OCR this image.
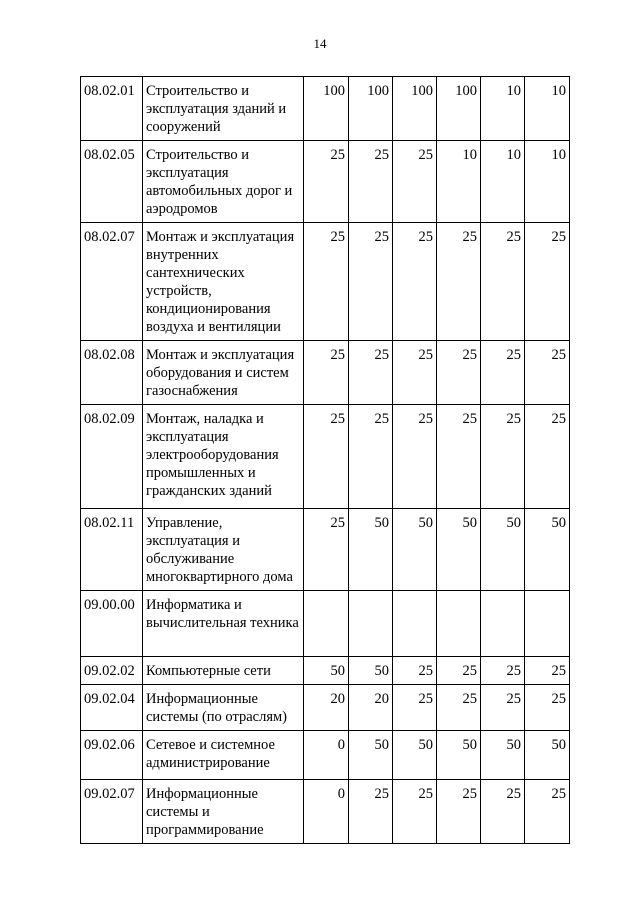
14
08.02.01	Строительство и эксплуатация зданий и сооружений	100	100	100	100	10	10
08.02.05	Строительство и эксплуатация автомобильных дорог и аэродромов	25	25	25	10	10	10
08.02.07	Монтаж и эксплуатация внутренних сантехнических устройств, кондиционирования воздуха и вентиляции	25	25	25	25	25	25
08.02.08	Монтаж и эксплуатация оборудования и систем газоснабжения	25	25	25	25	25	25
08.02.09	Монтаж, наладка и эксплуатация электрооборудования промышленных и гражданских зданий	25	25	25	25	25	25
08.02.11	Управление, эксплуатация и обслуживание многоквартирного дома	25	50	50	50	50	50
09.00.00	Информатика и вычислительная техника						
09.02.02	Компьютерные сети	50	50	25	25	25	25
09.02.04	Информационные системы (по отраслям)	20	20	25	25	25	25
09.02.06	Сетевое и системное администрирование	0	50	50	50	50	50
09.02.07	Информационные системы и программирование	0	25	25	25	25	25
